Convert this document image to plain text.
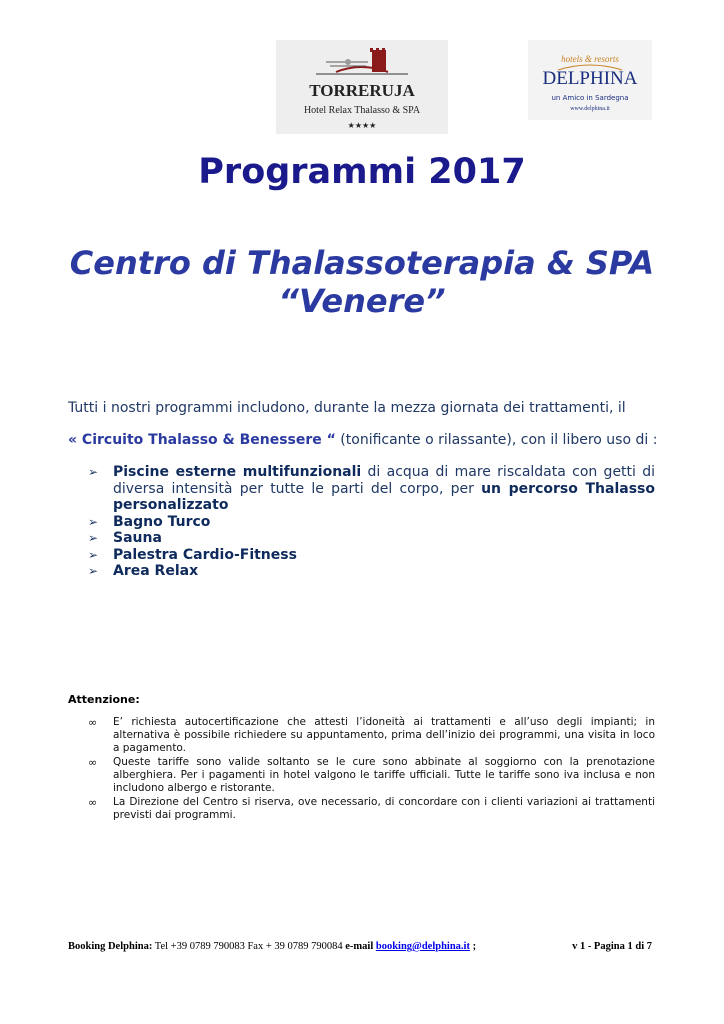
TORRERUJA
Hotel Relax Thalasso & SPA
★★★★
hotels & resorts
DELPHINA
un Amico in Sardegna
www.delphina.it
Programmi 2017
Centro di Thalassoterapia & SPA
“Venere”

Tutti i nostri programmi includono, durante la mezza giornata dei trattamenti, il

« Circuito Thalasso & Benessere “ (tonificante o rilassante), con il libero uso di :

➢ Piscine esterne multifunzionali di acqua di mare riscaldata con getti di diversa intensità per tutte le parti del corpo, per un percorso Thalasso personalizzato
➢ Bagno Turco
➢ Sauna
➢ Palestra Cardio-Fitness
➢ Area Relax

Attenzione:

∞ E’ richiesta autocertificazione che attesti l’idoneità ai trattamenti e all’uso degli impianti; in alternativa è possibile richiedere su appuntamento, prima dell’inizio dei programmi, una visita in loco a pagamento.
∞ Queste tariffe sono valide soltanto se le cure sono abbinate al soggiorno con la prenotazione alberghiera. Per i pagamenti in hotel valgono le tariffe ufficiali. Tutte le tariffe sono iva inclusa e non includono albergo e ristorante.
∞ La Direzione del Centro si riserva, ove necessario, di concordare con i clienti variazioni ai trattamenti previsti dai programmi.
Booking Delphina: Tel +39 0789 790083 Fax + 39 0789 790084 e-mail booking@delphina.it ;	v 1 - Pagina 1 di 7
